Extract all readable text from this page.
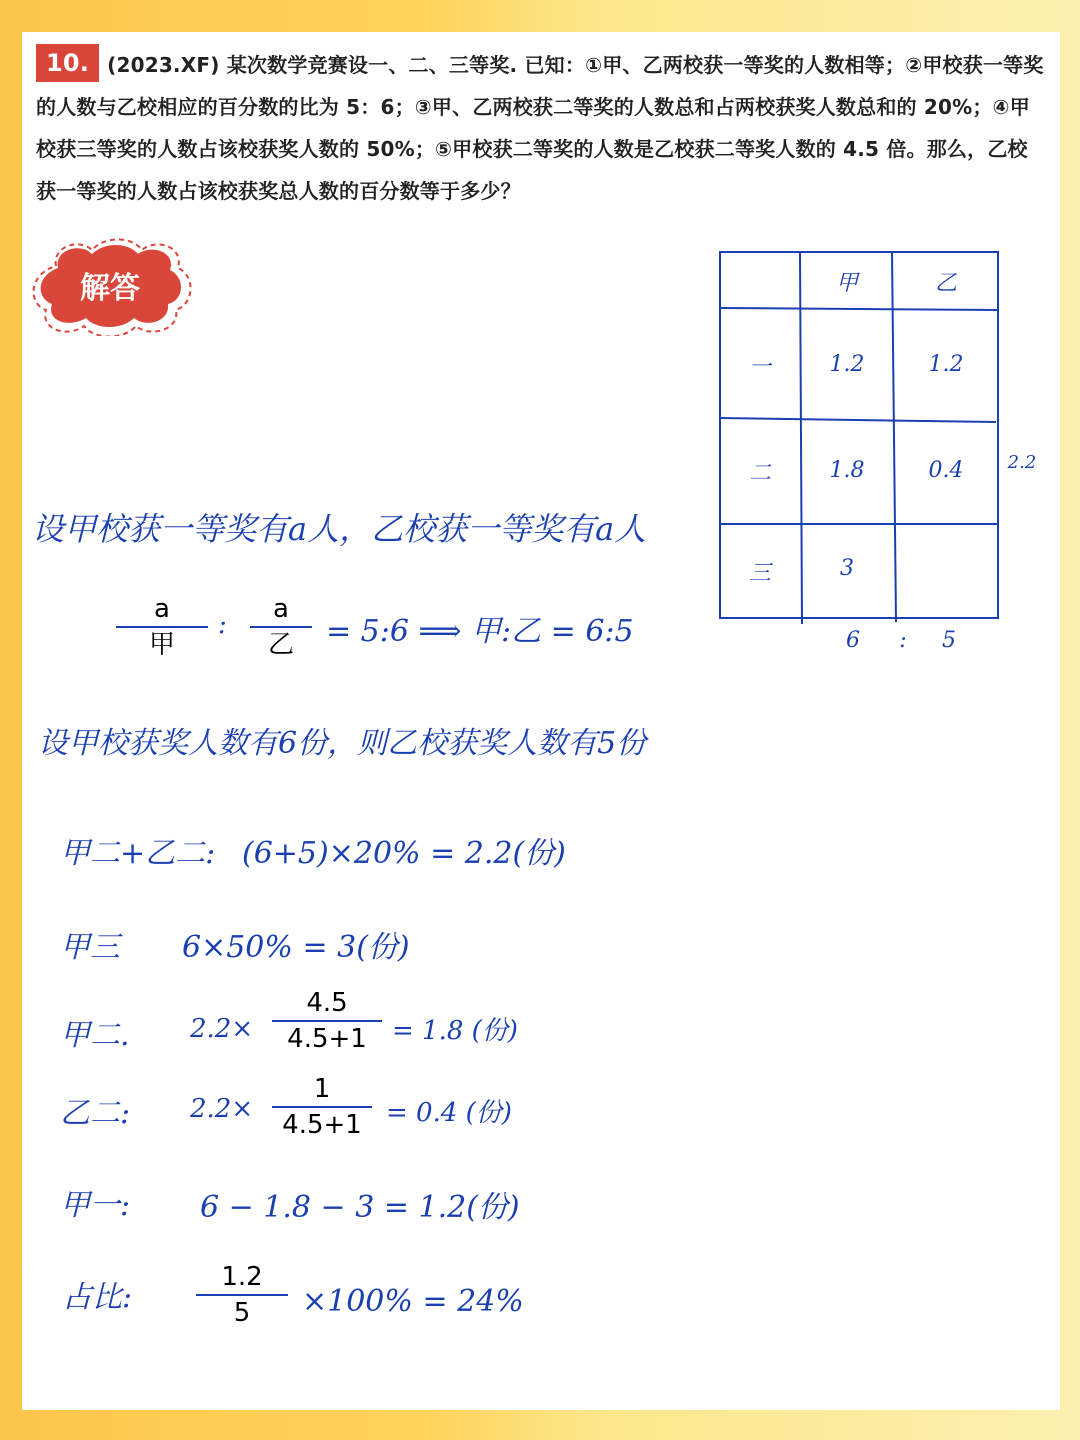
10. (2023.XF) 某次数学竞赛设一、二、三等奖. 已知：①甲、乙两校获一等奖的人数相等；②甲校获一等奖的人数与乙校相应的百分数的比为 5：6；③甲、乙两校获二等奖的人数总和占两校获奖人数总和的 20%；④甲校获三等奖的人数占该校获奖人数的 50%；⑤甲校获二等奖的人数是乙校获二等奖人数的 4.5 倍。那么，乙校获一等奖的人数占该校获奖总人数的百分数等于多少？
解答	甲	乙
一	1.2	1.2
二	1.8	0.4	2.2
三	3
6	:	5
设甲校获一等奖有a人，乙校获一等奖有a人
a
甲
:
a
乙	= 5:6 ⟹ 甲:乙 = 6:5
设甲校获奖人数有6份，则乙校获奖人数有5份
甲二+乙二: (6+5)×20% = 2.2(份)
甲三 6×50% = 3(份)
甲二. 2.2×
4.5
4.5+1 = 1.8 (份)
乙二: 2.2×
1
4.5+1 = 0.4 (份)
甲一: 6 − 1.8 − 3 = 1.2(份)
占比:
1.2
5	×100% = 24%
